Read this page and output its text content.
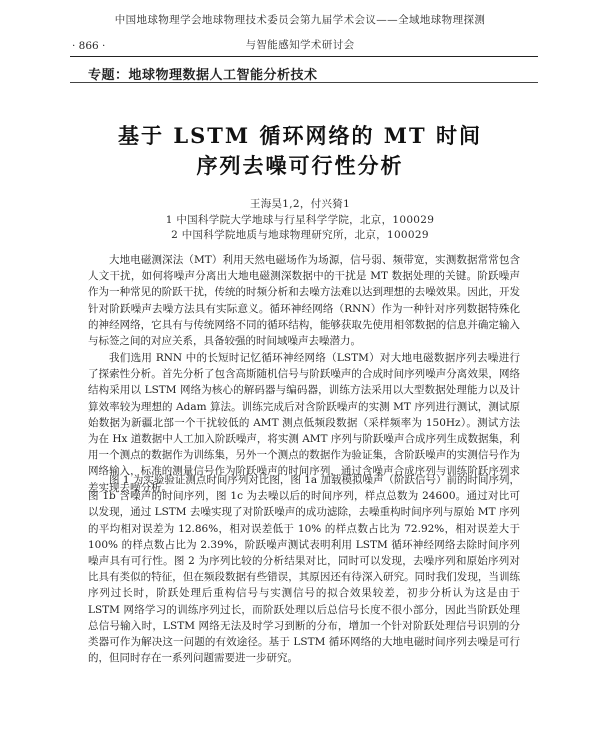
中国地球物理学会地球物理技术委员会第九届学术会议——全域地球物理探测
· 866 ·	与智能感知学术研讨会
专题：地球物理数据人工智能分析技术
基于 LSTM 循环网络的 MT 时间
序列去噪可行性分析
王海昊1,2，付兴猗1
1 中国科学院大学地球与行星科学学院，北京，100029
2 中国科学院地质与地球物理研究所，北京，100029

大地电磁测深法（MT）利用天然电磁场作为场源，信号弱、频带宽，实测数据常常包含人文干扰，如何将噪声分离出大地电磁测深数据中的干扰是 MT 数据处理的关键。阶跃噪声作为一种常见的阶跃干扰，传统的时频分析和去噪方法难以达到理想的去噪效果。因此，开发针对阶跃噪声去噪方法具有实际意义。循环神经网络（RNN）作为一种针对序列数据特殊化的神经网络，它具有与传统网络不同的循环结构，能够获取先使用相邻数据的信息并确定输入与标签之间的对应关系，具备较强的时间域噪声去噪潜力。

我们选用 RNN 中的长短时记忆循环神经网络（LSTM）对大地电磁数据序列去噪进行了探索性分析。首先分析了包含高斯随机信号与阶跃噪声的合成时间序列噪声分离效果，网络结构采用以 LSTM 网络为核心的解码器与编码器，训练方法采用以大型数据处理能力以及计算效率较为理想的 Adam 算法。训练完成后对含阶跃噪声的实测 MT 序列进行测试，测试原始数据为新疆北部一个干扰较低的 AMT 测点低频段数据（采样频率为 150Hz）。测试方法为在 Hx 道数据中人工加入阶跃噪声，将实测 AMT 序列与阶跃噪声合成序列生成数据集，利用一个测点的数据作为训练集，另外一个测点的数据作为验证集，含阶跃噪声的实测信号作为网络输入，标准的测量信号作为阶跃噪声的时间序列，通过含噪声合成序列与训练阶跃序列求差实现去噪分析。

图 1 为实验验证测点时间序列对比图，图 1a 加载模拟噪声（阶跃信号）前的时间序列，图 1b 含噪声的时间序列，图 1c 为去噪以后的时间序列，样点总数为 24600。通过对比可以发现，通过 LSTM 去噪实现了对阶跃噪声的成功滤除，去噪重构时间序列与原始 MT 序列的平均相对误差为 12.86%，相对误差低于 10% 的样点数占比为 72.92%，相对误差大于 100% 的样点数占比为 2.39%，阶跃噪声测试表明利用 LSTM 循环神经网络去除时间序列噪声具有可行性。图 2 为序列比较的分析结果对比，同时可以发现，去噪序列和原始序列对比具有类似的特征，但在频段数据有些错误，其原因还有待深入研究。同时我们发现，当训练序列过长时，阶跃处理后重构信号与实测信号的拟合效果较差，初步分析认为这是由于 LSTM 网络学习的训练序列过长，而阶跃处理以后总信号长度不很小部分，因此当阶跃处理总信号输入时，LSTM 网络无法及时学习到断的分布，增加一个针对阶跃处理信号识别的分类器可作为解决这一问题的有效途径。基于 LSTM 循环网络的大地电磁时间序列去噪是可行的，但同时存在一系列问题需要进一步研究。
